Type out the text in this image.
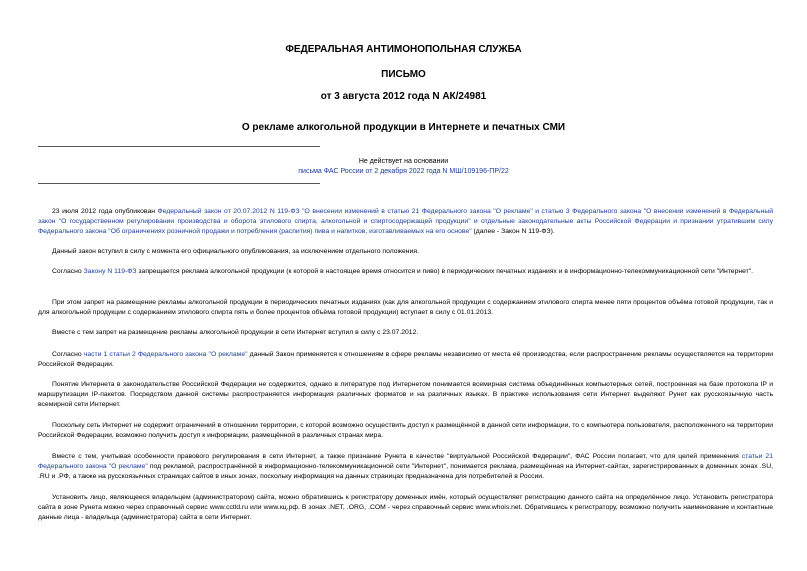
ФЕДЕРАЛЬНАЯ АНТИМОНОПОЛЬНАЯ СЛУЖБА
ПИСЬМО
от 3 августа 2012 года N АК/24981
О рекламе алкогольной продукции в Интернете и печатных СМИ
Не действует на основании
письма ФАС России от 2 декабря 2022 года N МШ/109196-ПР/22

23 июля 2012 года опубликован Федеральный закон от 20.07.2012 N 119-ФЗ "О внесении изменений в статью 21 Федерального закона "О рекламе" и статью 3 Федерального закона "О внесении изменений в Федеральный закон "О государственном регулировании производства и оборота этилового спирта, алкогольной и спиртосодержащей продукции" и отдельные законодательные акты Российской Федерации и признании утратившим силу Федерального закона "Об ограничениях розничной продажи и потребления (распития) пива и напитков, изготавливаемых на его основе" (далее - Закон N 119-ФЗ).

Данный закон вступил в силу с момента его официального опубликования, за исключением отдельного положения.

Согласно Закону N 119-ФЗ запрещается реклама алкогольной продукции (к которой в настоящее время относится и пиво) в периодических печатных изданиях и в информационно-телекоммуникационной сети "Интернет".

При этом запрет на размещение рекламы алкогольной продукции в периодических печатных изданиях (как для алкогольной продукции с содержанием этилового спирта менее пяти процентов объёма готовой продукции, так и для алкогольной продукции с содержанием этилового спирта пять и более процентов объёма готовой продукции) вступает в силу с 01.01.2013.

Вместе с тем запрет на размещение рекламы алкогольной продукции в сети Интернет вступил в силу с 23.07.2012.

Согласно части 1 статьи 2 Федерального закона "О рекламе" данный Закон применяется к отношениям в сфере рекламы независимо от места её производства, если распространение рекламы осуществляется на территории Российской Федерации.

Понятие Интернета в законодательстве Российской Федерации не содержится, однако в литературе под Интернетом понимается всемирная система объединённых компьютерных сетей, построенная на базе протокола IP и маршрутизации IP-пакетов. Посредством данной системы распространяется информация различных форматов и на различных языках. В практике использования сети Интернет выделяют Рунет как русскоязычную часть всемирной сети Интернет.

Поскольку сеть Интернет не содержит ограничений в отношении территории, с которой возможно осуществить доступ к размещённой в данной сети информации, то с компьютера пользователя, расположенного на территории Российской Федерации, возможно получить доступ к информации, размещённой в различных странах мира.

Вместе с тем, учитывая особенности правового регулирования в сети Интернет, а также признание Рунета в качестве "виртуальной Российской Федерации", ФАС России полагает, что для целей применения статьи 21 Федерального закона "О рекламе" под рекламой, распространённой в информационно-телекоммуникационной сети "Интернет", понимается реклама, размещённая на Интернет-сайтах, зарегистрированных в доменных зонах .SU, .RU и .РФ, а также на русскоязычных страницах сайтов в иных зонах, поскольку информация на данных страницах предназначена для потребителей в России.

Установить лицо, являющееся владельцем (администратором) сайта, можно обратившись к регистратору доменных имён, который осуществляет регистрацию данного сайта на определённое лицо. Установить регистратора сайта в зоне Рунета можно через справочный сервис www.cctld.ru или www.кц.рф. В зонах .NET, .ORG, .COM - через справочный сервис www.whois.net. Обратившись к регистратору, возможно получить наименование и контактные данные лица - владельца (администратора) сайта в сети Интернет.
